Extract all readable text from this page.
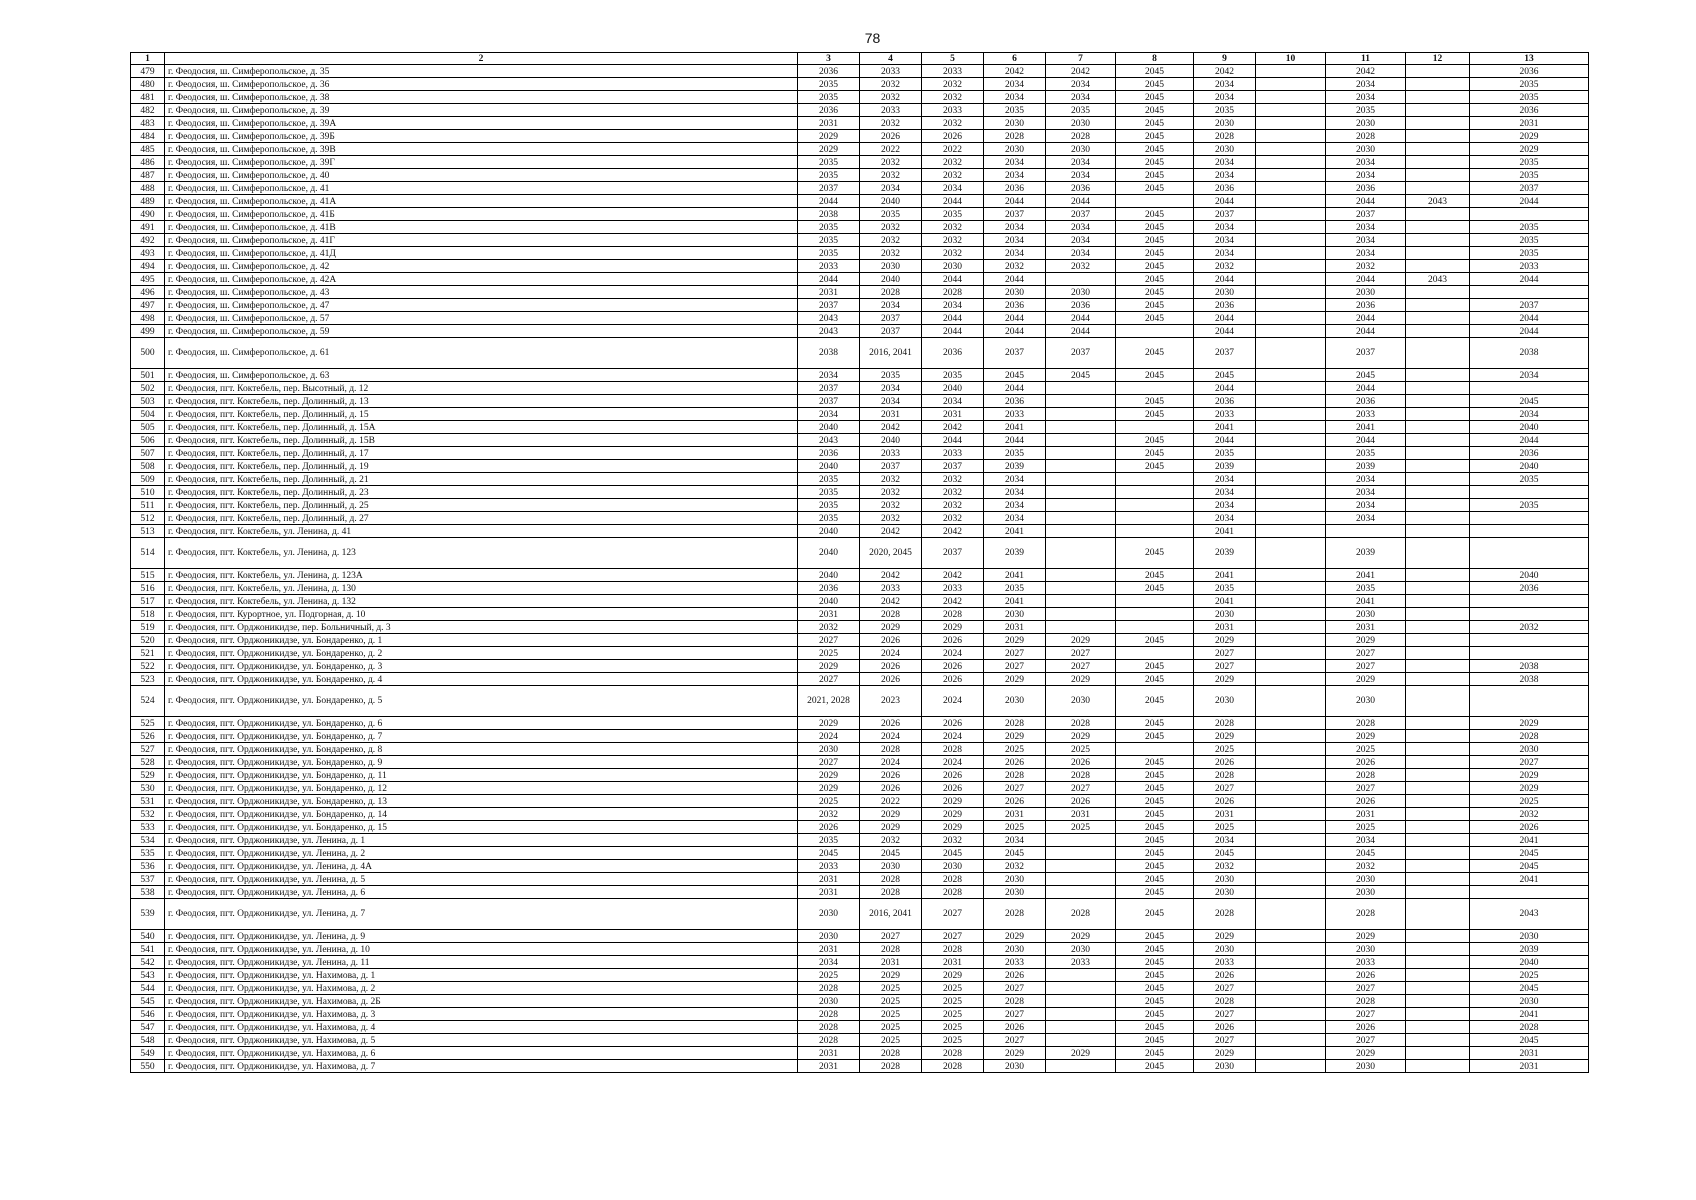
78
1	2	3	4	5	6	7	8	9	10	11	12	13
479	г. Феодосия, ш. Симферопольское, д. 35	2036	2033	2033	2042	2042	2045	2042		2042		2036
480	г. Феодосия, ш. Симферопольское, д. 36	2035	2032	2032	2034	2034	2045	2034		2034		2035
481	г. Феодосия, ш. Симферопольское, д. 38	2035	2032	2032	2034	2034	2045	2034		2034		2035
482	г. Феодосия, ш. Симферопольское, д. 39	2036	2033	2033	2035	2035	2045	2035		2035		2036
483	г. Феодосия, ш. Симферопольское, д. 39А	2031	2032	2032	2030	2030	2045	2030		2030		2031
484	г. Феодосия, ш. Симферопольское, д. 39Б	2029	2026	2026	2028	2028	2045	2028		2028		2029
485	г. Феодосия, ш. Симферопольское, д. 39В	2029	2022	2022	2030	2030	2045	2030		2030		2029
486	г. Феодосия, ш. Симферопольское, д. 39Г	2035	2032	2032	2034	2034	2045	2034		2034		2035
487	г. Феодосия, ш. Симферопольское, д. 40	2035	2032	2032	2034	2034	2045	2034		2034		2035
488	г. Феодосия, ш. Симферопольское, д. 41	2037	2034	2034	2036	2036	2045	2036		2036		2037
489	г. Феодосия, ш. Симферопольское, д. 41А	2044	2040	2044	2044	2044		2044		2044	2043	2044
490	г. Феодосия, ш. Симферопольское, д. 41Б	2038	2035	2035	2037	2037	2045	2037		2037		
491	г. Феодосия, ш. Симферопольское, д. 41В	2035	2032	2032	2034	2034	2045	2034		2034		2035
492	г. Феодосия, ш. Симферопольское, д. 41Г	2035	2032	2032	2034	2034	2045	2034		2034		2035
493	г. Феодосия, ш. Симферопольское, д. 41Д	2035	2032	2032	2034	2034	2045	2034		2034		2035
494	г. Феодосия, ш. Симферопольское, д. 42	2033	2030	2030	2032	2032	2045	2032		2032		2033
495	г. Феодосия, ш. Симферопольское, д. 42А	2044	2040	2044	2044		2045	2044		2044	2043	2044
496	г. Феодосия, ш. Симферопольское, д. 43	2031	2028	2028	2030	2030	2045	2030		2030		
497	г. Феодосия, ш. Симферопольское, д. 47	2037	2034	2034	2036	2036	2045	2036		2036		2037
498	г. Феодосия, ш. Симферопольское, д. 57	2043	2037	2044	2044	2044	2045	2044		2044		2044
499	г. Феодосия, ш. Симферопольское, д. 59	2043	2037	2044	2044	2044		2044		2044		2044
500	г. Феодосия, ш. Симферопольское, д. 61	2038	2016, 2041	2036	2037	2037	2045	2037		2037		2038
501	г. Феодосия, ш. Симферопольское, д. 63	2034	2035	2035	2045	2045	2045	2045		2045		2034
502	г. Феодосия, пгт. Коктебель, пер. Высотный, д. 12	2037	2034	2040	2044			2044		2044		
503	г. Феодосия, пгт. Коктебель, пер. Долинный, д. 13	2037	2034	2034	2036		2045	2036		2036		2045
504	г. Феодосия, пгт. Коктебель, пер. Долинный, д. 15	2034	2031	2031	2033		2045	2033		2033		2034
505	г. Феодосия, пгт. Коктебель, пер. Долинный, д. 15А	2040	2042	2042	2041			2041		2041		2040
506	г. Феодосия, пгт. Коктебель, пер. Долинный, д. 15В	2043	2040	2044	2044		2045	2044		2044		2044
507	г. Феодосия, пгт. Коктебель, пер. Долинный, д. 17	2036	2033	2033	2035		2045	2035		2035		2036
508	г. Феодосия, пгт. Коктебель, пер. Долинный, д. 19	2040	2037	2037	2039		2045	2039		2039		2040
509	г. Феодосия, пгт. Коктебель, пер. Долинный, д. 21	2035	2032	2032	2034			2034		2034		2035
510	г. Феодосия, пгт. Коктебель, пер. Долинный, д. 23	2035	2032	2032	2034			2034		2034		
511	г. Феодосия, пгт. Коктебель, пер. Долинный, д. 25	2035	2032	2032	2034			2034		2034		2035
512	г. Феодосия, пгт. Коктебель, пер. Долинный, д. 27	2035	2032	2032	2034			2034		2034		
513	г. Феодосия, пгт. Коктебель, ул. Ленина, д. 41	2040	2042	2042	2041			2041				
514	г. Феодосия, пгт. Коктебель, ул. Ленина, д. 123	2040	2020, 2045	2037	2039		2045	2039		2039		
515	г. Феодосия, пгт. Коктебель, ул. Ленина, д. 123А	2040	2042	2042	2041		2045	2041		2041		2040
516	г. Феодосия, пгт. Коктебель, ул. Ленина, д. 130	2036	2033	2033	2035		2045	2035		2035		2036
517	г. Феодосия, пгт. Коктебель, ул. Ленина, д. 132	2040	2042	2042	2041			2041		2041		
518	г. Феодосия, пгт. Курортное, ул. Подгорная, д. 10	2031	2028	2028	2030			2030		2030		
519	г. Феодосия, пгт. Орджоникидзе, пер. Больничный, д. 3	2032	2029	2029	2031			2031		2031		2032
520	г. Феодосия, пгт. Орджоникидзе, ул. Бондаренко, д. 1	2027	2026	2026	2029	2029	2045	2029		2029		
521	г. Феодосия, пгт. Орджоникидзе, ул. Бондаренко, д. 2	2025	2024	2024	2027	2027		2027		2027		
522	г. Феодосия, пгт. Орджоникидзе, ул. Бондаренко, д. 3	2029	2026	2026	2027	2027	2045	2027		2027		2038
523	г. Феодосия, пгт. Орджоникидзе, ул. Бондаренко, д. 4	2027	2026	2026	2029	2029	2045	2029		2029		2038
524	г. Феодосия, пгт. Орджоникидзе, ул. Бондаренко, д. 5	2021, 2028	2023	2024	2030	2030	2045	2030		2030		
525	г. Феодосия, пгт. Орджоникидзе, ул. Бондаренко, д. 6	2029	2026	2026	2028	2028	2045	2028		2028		2029
526	г. Феодосия, пгт. Орджоникидзе, ул. Бондаренко, д. 7	2024	2024	2024	2029	2029	2045	2029		2029		2028
527	г. Феодосия, пгт. Орджоникидзе, ул. Бондаренко, д. 8	2030	2028	2028	2025	2025		2025		2025		2030
528	г. Феодосия, пгт. Орджоникидзе, ул. Бондаренко, д. 9	2027	2024	2024	2026	2026	2045	2026		2026		2027
529	г. Феодосия, пгт. Орджоникидзе, ул. Бондаренко, д. 11	2029	2026	2026	2028	2028	2045	2028		2028		2029
530	г. Феодосия, пгт. Орджоникидзе, ул. Бондаренко, д. 12	2029	2026	2026	2027	2027	2045	2027		2027		2029
531	г. Феодосия, пгт. Орджоникидзе, ул. Бондаренко, д. 13	2025	2022	2029	2026	2026	2045	2026		2026		2025
532	г. Феодосия, пгт. Орджоникидзе, ул. Бондаренко, д. 14	2032	2029	2029	2031	2031	2045	2031		2031		2032
533	г. Феодосия, пгт. Орджоникидзе, ул. Бондаренко, д. 15	2026	2029	2029	2025	2025	2045	2025		2025		2026
534	г. Феодосия, пгт. Орджоникидзе, ул. Ленина, д. 1	2035	2032	2032	2034		2045	2034		2034		2041
535	г. Феодосия, пгт. Орджоникидзе, ул. Ленина, д. 2	2045	2045	2045	2045		2045	2045		2045		2045
536	г. Феодосия, пгт. Орджоникидзе, ул. Ленина, д. 4А	2033	2030	2030	2032		2045	2032		2032		2045
537	г. Феодосия, пгт. Орджоникидзе, ул. Ленина, д. 5	2031	2028	2028	2030		2045	2030		2030		2041
538	г. Феодосия, пгт. Орджоникидзе, ул. Ленина, д. 6	2031	2028	2028	2030		2045	2030		2030		
539	г. Феодосия, пгт. Орджоникидзе, ул. Ленина, д. 7	2030	2016, 2041	2027	2028	2028	2045	2028		2028		2043
540	г. Феодосия, пгт. Орджоникидзе, ул. Ленина, д. 9	2030	2027	2027	2029	2029	2045	2029		2029		2030
541	г. Феодосия, пгт. Орджоникидзе, ул. Ленина, д. 10	2031	2028	2028	2030	2030	2045	2030		2030		2039
542	г. Феодосия, пгт. Орджоникидзе, ул. Ленина, д. 11	2034	2031	2031	2033	2033	2045	2033		2033		2040
543	г. Феодосия, пгт. Орджоникидзе, ул. Нахимова, д. 1	2025	2029	2029	2026		2045	2026		2026		2025
544	г. Феодосия, пгт. Орджоникидзе, ул. Нахимова, д. 2	2028	2025	2025	2027		2045	2027		2027		2045
545	г. Феодосия, пгт. Орджоникидзе, ул. Нахимова, д. 2Б	2030	2025	2025	2028		2045	2028		2028		2030
546	г. Феодосия, пгт. Орджоникидзе, ул. Нахимова, д. 3	2028	2025	2025	2027		2045	2027		2027		2041
547	г. Феодосия, пгт. Орджоникидзе, ул. Нахимова, д. 4	2028	2025	2025	2026		2045	2026		2026		2028
548	г. Феодосия, пгт. Орджоникидзе, ул. Нахимова, д. 5	2028	2025	2025	2027		2045	2027		2027		2045
549	г. Феодосия, пгт. Орджоникидзе, ул. Нахимова, д. 6	2031	2028	2028	2029	2029	2045	2029		2029		2031
550	г. Феодосия, пгт. Орджоникидзе, ул. Нахимова, д. 7	2031	2028	2028	2030		2045	2030		2030		2031
